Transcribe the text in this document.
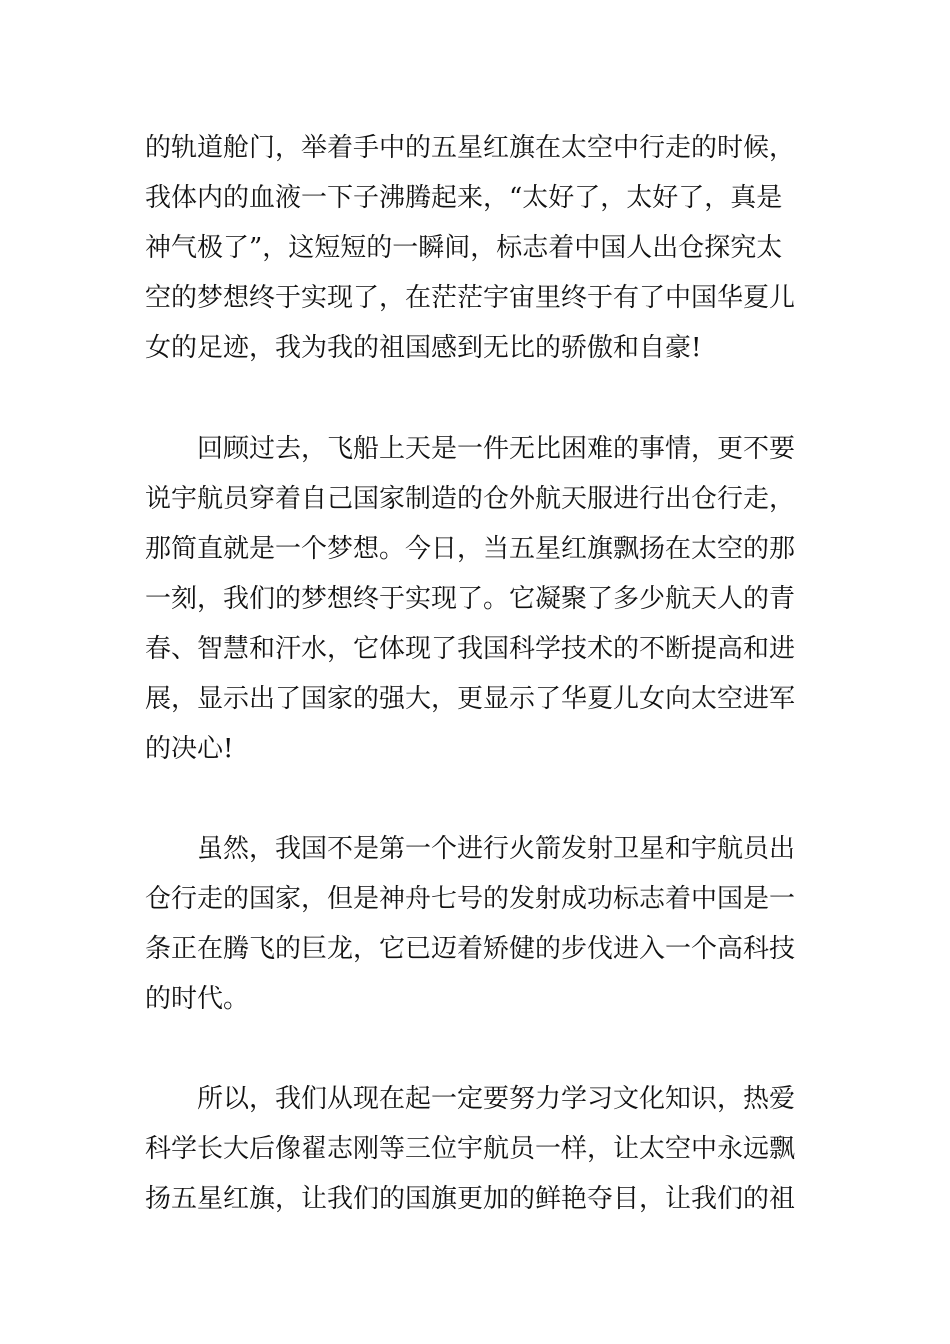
的轨道舱门，举着手中的五星红旗在太空中行走的时候，
我体内的血液一下子沸腾起来，“太好了，太好了，真是
神气极了”，这短短的一瞬间，标志着中国人出仓探究太
空的梦想终于实现了，在茫茫宇宙里终于有了中国华夏儿
女的足迹，我为我的祖国感到无比的骄傲和自豪!
回顾过去，飞船上天是一件无比困难的事情，更不要
说宇航员穿着自己国家制造的仓外航天服进行出仓行走，
那简直就是一个梦想。今日，当五星红旗飘扬在太空的那
一刻，我们的梦想终于实现了。它凝聚了多少航天人的青
春、智慧和汗水，它体现了我国科学技术的不断提高和进
展，显示出了国家的强大，更显示了华夏儿女向太空进军
的决心!
虽然，我国不是第一个进行火箭发射卫星和宇航员出
仓行走的国家，但是神舟七号的发射成功标志着中国是一
条正在腾飞的巨龙，它已迈着矫健的步伐进入一个高科技
的时代。
所以，我们从现在起一定要努力学习文化知识，热爱
科学长大后像翟志刚等三位宇航员一样，让太空中永远飘
扬五星红旗，让我们的国旗更加的鲜艳夺目，让我们的祖
